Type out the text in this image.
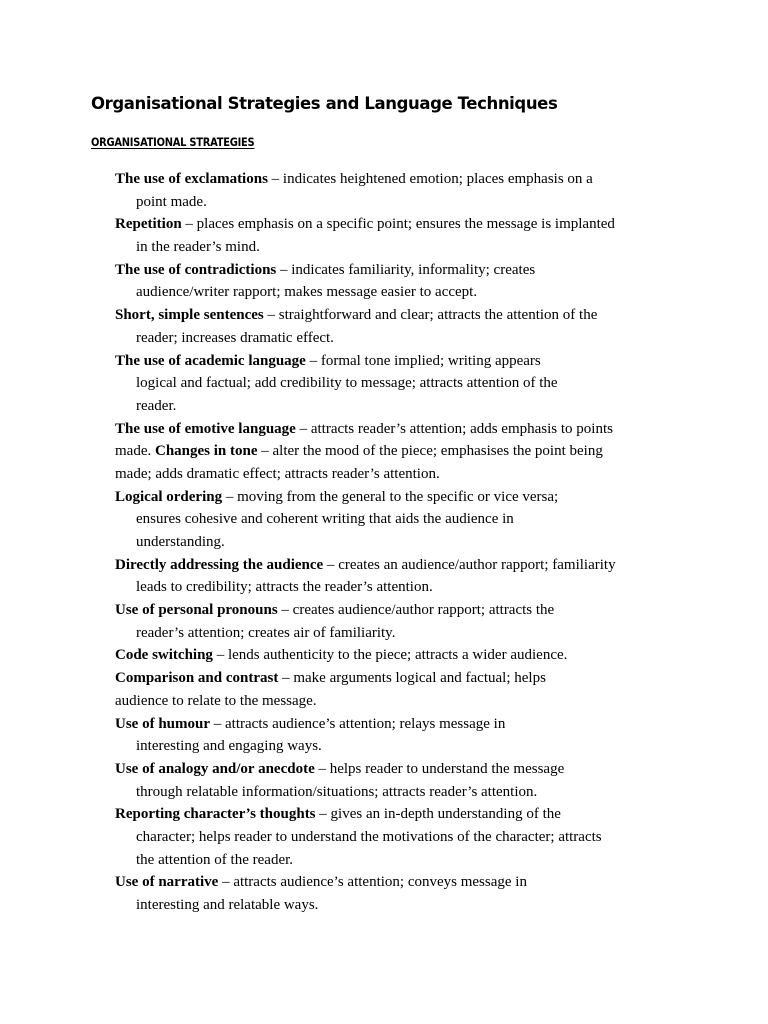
Organisational Strategies and Language Techniques
ORGANISATIONAL STRATEGIES
The use of exclamations – indicates heightened emotion; places emphasis on a
point made.
Repetition – places emphasis on a specific point; ensures the message is implanted
in the reader’s mind.
The use of contradictions – indicates familiarity, informality; creates
audience/writer rapport; makes message easier to accept.
Short, simple sentences – straightforward and clear; attracts the attention of the
reader; increases dramatic effect.
The use of academic language – formal tone implied; writing appears
logical and factual; add credibility to message; attracts attention of the
reader.
The use of emotive language – attracts reader’s attention; adds emphasis to points
made. Changes in tone – alter the mood of the piece; emphasises the point being
made; adds dramatic effect; attracts reader’s attention.
Logical ordering – moving from the general to the specific or vice versa;
ensures cohesive and coherent writing that aids the audience in
understanding.
Directly addressing the audience – creates an audience/author rapport; familiarity
leads to credibility; attracts the reader’s attention.
Use of personal pronouns – creates audience/author rapport; attracts the
reader’s attention; creates air of familiarity.
Code switching – lends authenticity to the piece; attracts a wider audience.
Comparison and contrast – make arguments logical and factual; helps
audience to relate to the message.
Use of humour – attracts audience’s attention; relays message in
interesting and engaging ways.
Use of analogy and/or anecdote – helps reader to understand the message
through relatable information/situations; attracts reader’s attention.
Reporting character’s thoughts – gives an in-depth understanding of the
character; helps reader to understand the motivations of the character; attracts
the attention of the reader.
Use of narrative – attracts audience’s attention; conveys message in
interesting and relatable ways.
